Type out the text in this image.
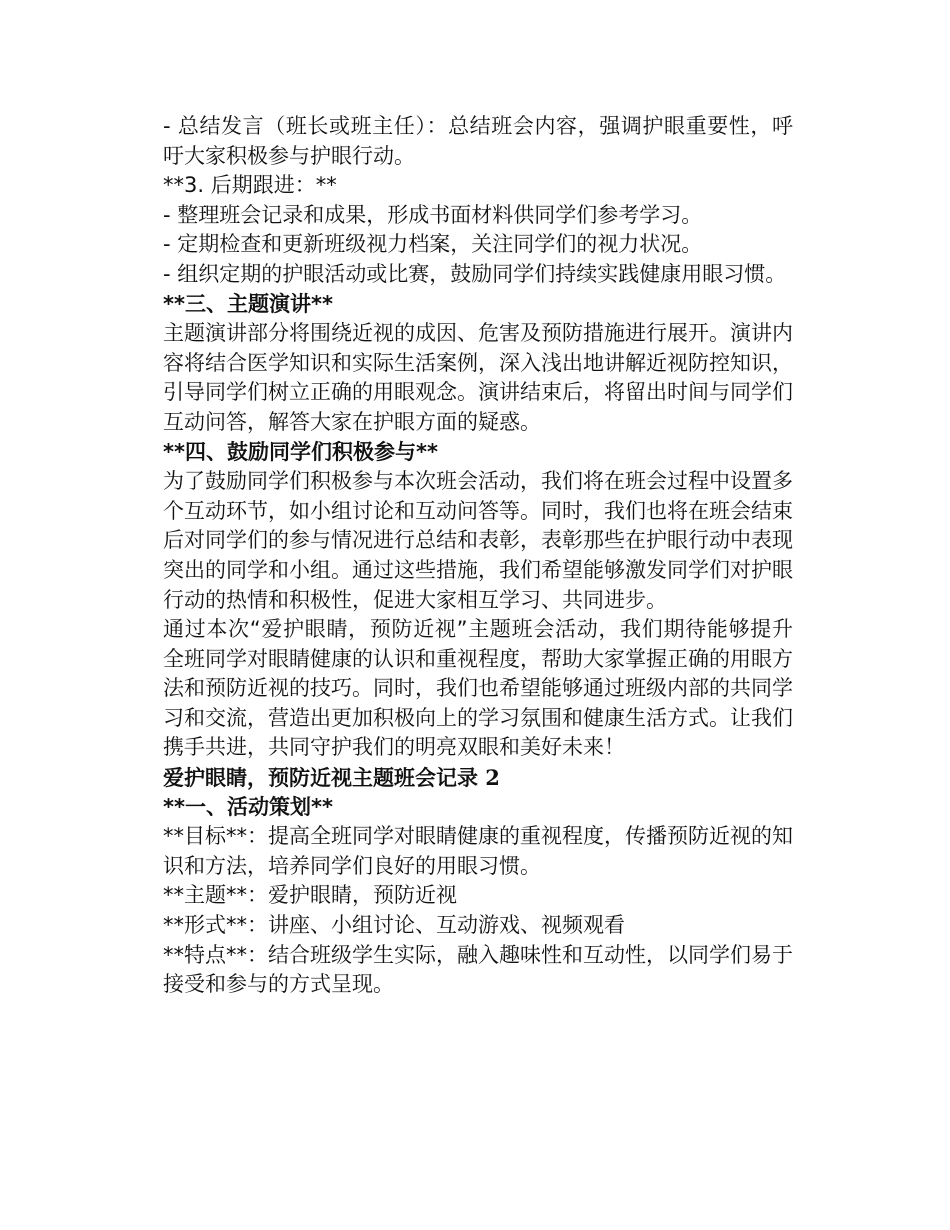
- 总结发言（班长或班主任）：总结班会内容，强调护眼重要性，呼吁大家积极参与护眼行动。

**3. 后期跟进：**

- 整理班会记录和成果，形成书面材料供同学们参考学习。

- 定期检查和更新班级视力档案，关注同学们的视力状况。

- 组织定期的护眼活动或比赛，鼓励同学们持续实践健康用眼习惯。

**三、主题演讲**

主题演讲部分将围绕近视的成因、危害及预防措施进行展开。演讲内容将结合医学知识和实际生活案例，深入浅出地讲解近视防控知识，引导同学们树立正确的用眼观念。演讲结束后，将留出时间与同学们互动问答，解答大家在护眼方面的疑惑。

**四、鼓励同学们积极参与**

为了鼓励同学们积极参与本次班会活动，我们将在班会过程中设置多个互动环节，如小组讨论和互动问答等。同时，我们也将在班会结束后对同学们的参与情况进行总结和表彰，表彰那些在护眼行动中表现突出的同学和小组。通过这些措施，我们希望能够激发同学们对护眼行动的热情和积极性，促进大家相互学习、共同进步。

通过本次“爱护眼睛，预防近视”主题班会活动，我们期待能够提升全班同学对眼睛健康的认识和重视程度，帮助大家掌握正确的用眼方法和预防近视的技巧。同时，我们也希望能够通过班级内部的共同学习和交流，营造出更加积极向上的学习氛围和健康生活方式。让我们携手共进，共同守护我们的明亮双眼和美好未来！

爱护眼睛，预防近视主题班会记录 2

**一、活动策划**

**目标**：提高全班同学对眼睛健康的重视程度，传播预防近视的知识和方法，培养同学们良好的用眼习惯。

**主题**：爱护眼睛，预防近视

**形式**：讲座、小组讨论、互动游戏、视频观看

**特点**：结合班级学生实际，融入趣味性和互动性，以同学们易于接受和参与的方式呈现。
